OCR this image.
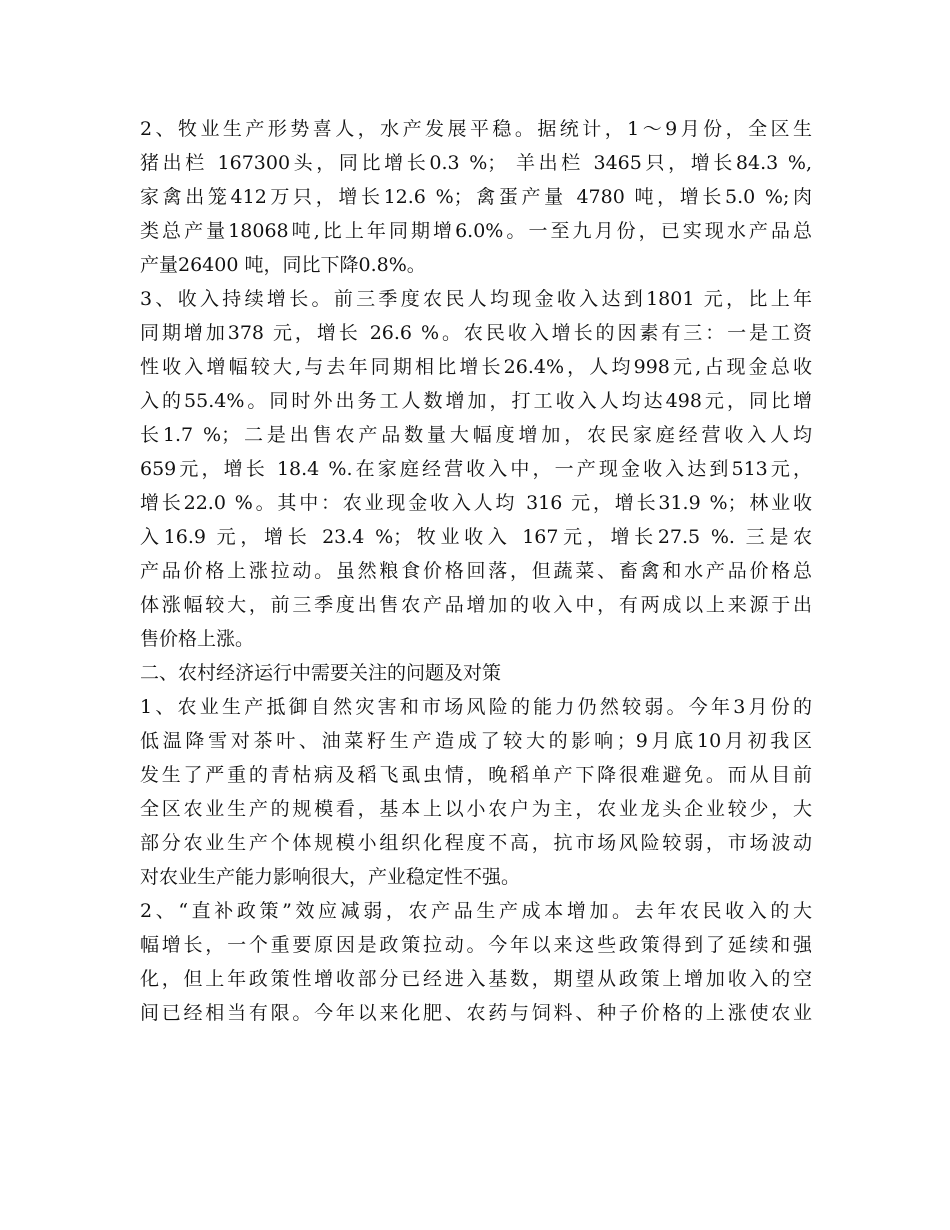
2、牧业生产形势喜人，水产发展平稳。据统计，1～9月份，全区生
猪出栏 167300头，同比增长0.3 %； 羊出栏 3465只，增长84.3 %,
家禽出笼412万只，增长12.6 %；禽蛋产量 4780 吨，增长5.0 %;肉
类总产量18068吨,比上年同期增6.0%。一至九月份，已实现水产品总
产量26400 吨，同比下降0.8%。
3、收入持续增长。前三季度农民人均现金收入达到1801 元，比上年
同期增加378 元，增长 26.6 %。农民收入增长的因素有三：一是工资
性收入增幅较大,与去年同期相比增长26.4%，人均998元,占现金总收
入的55.4%。同时外出务工人数增加，打工收入人均达498元，同比增
长1.7 %；二是出售农产品数量大幅度增加，农民家庭经营收入人均
659元，增长 18.4 %.在家庭经营收入中，一产现金收入达到513元，
增长22.0 %。其中：农业现金收入人均 316 元，增长31.9 %；林业收
入16.9 元，增长 23.4 %；牧业收入 167元，增长27.5 %. 三是农
产品价格上涨拉动。虽然粮食价格回落，但蔬菜、畜禽和水产品价格总
体涨幅较大，前三季度出售农产品增加的收入中，有两成以上来源于出
售价格上涨。
二、农村经济运行中需要关注的问题及对策
1、农业生产抵御自然灾害和市场风险的能力仍然较弱。今年3月份的
低温降雪对茶叶、油菜籽生产造成了较大的影响；9月底10月初我区
发生了严重的青枯病及稻飞虱虫情，晚稻单产下降很难避免。而从目前
全区农业生产的规模看，基本上以小农户为主，农业龙头企业较少，大
部分农业生产个体规模小组织化程度不高，抗市场风险较弱，市场波动
对农业生产能力影响很大，产业稳定性不强。
2、“直补政策”效应减弱，农产品生产成本增加。去年农民收入的大
幅增长，一个重要原因是政策拉动。今年以来这些政策得到了延续和强
化，但上年政策性增收部分已经进入基数，期望从政策上增加收入的空
间已经相当有限。今年以来化肥、农药与饲料、种子价格的上涨使农业
